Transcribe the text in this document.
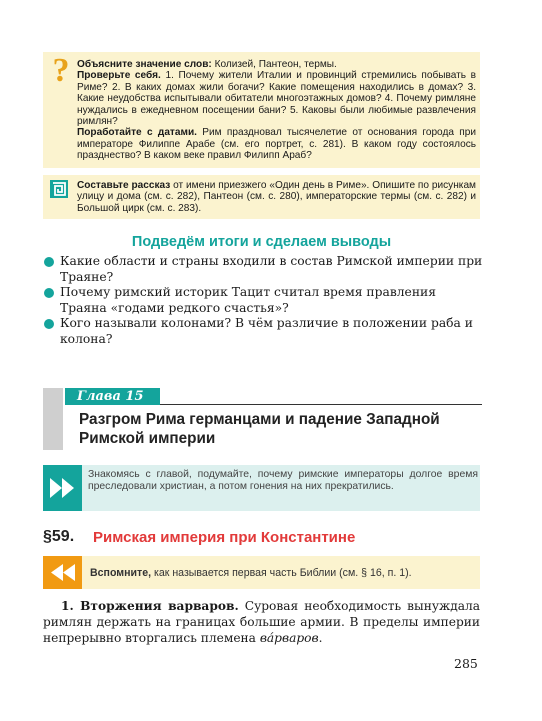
? Объясните значение слов: Колизей, Пантеон, термы.
Проверьте себя. 1. Почему жители Италии и провинций стремились побывать в Риме? 2. В каких домах жили богачи? Какие помещения находились в домах? 3. Какие неудобства испытывали обитатели многоэтажных домов? 4. Почему римляне нуждались в ежедневном посещении бани? 5. Каковы были любимые развлечения римлян?
Поработайте с датами. Рим праздновал тысячелетие от основания города при императоре Филиппе Арабе (см. его портрет, с. 281). В каком году состоялось празднество? В каком веке правил Филипп Араб?
Составьте рассказ от имени приезжего «Один день в Риме». Опишите по рисункам улицу и дома (см. с. 282), Пантеон (см. с. 280), императорские термы (см. с. 282) и Большой цирк (см. с. 283).
Подведём итоги и сделаем выводы
Какие области и страны входили в состав Римской империи при Траяне?
Почему римский историк Тацит считал время правления Траяна «годами редкого счастья»?
Кого называли колонами? В чём различие в положении раба и колона?
Глава 15
Разгром Рима германцами и падение Западной Римской империи
Знакомясь с главой, подумайте, почему римские императоры долгое время преследовали христиан, а потом гонения на них прекратились.
§59. Римская империя при Константине
Вспомните, как называется первая часть Библии (см. § 16, п. 1).
1. Вторжения варваров. Суровая необходимость вынуждала римлян держать на границах большие армии. В пределы империи непрерывно вторгались племена ва́рваров.
285
